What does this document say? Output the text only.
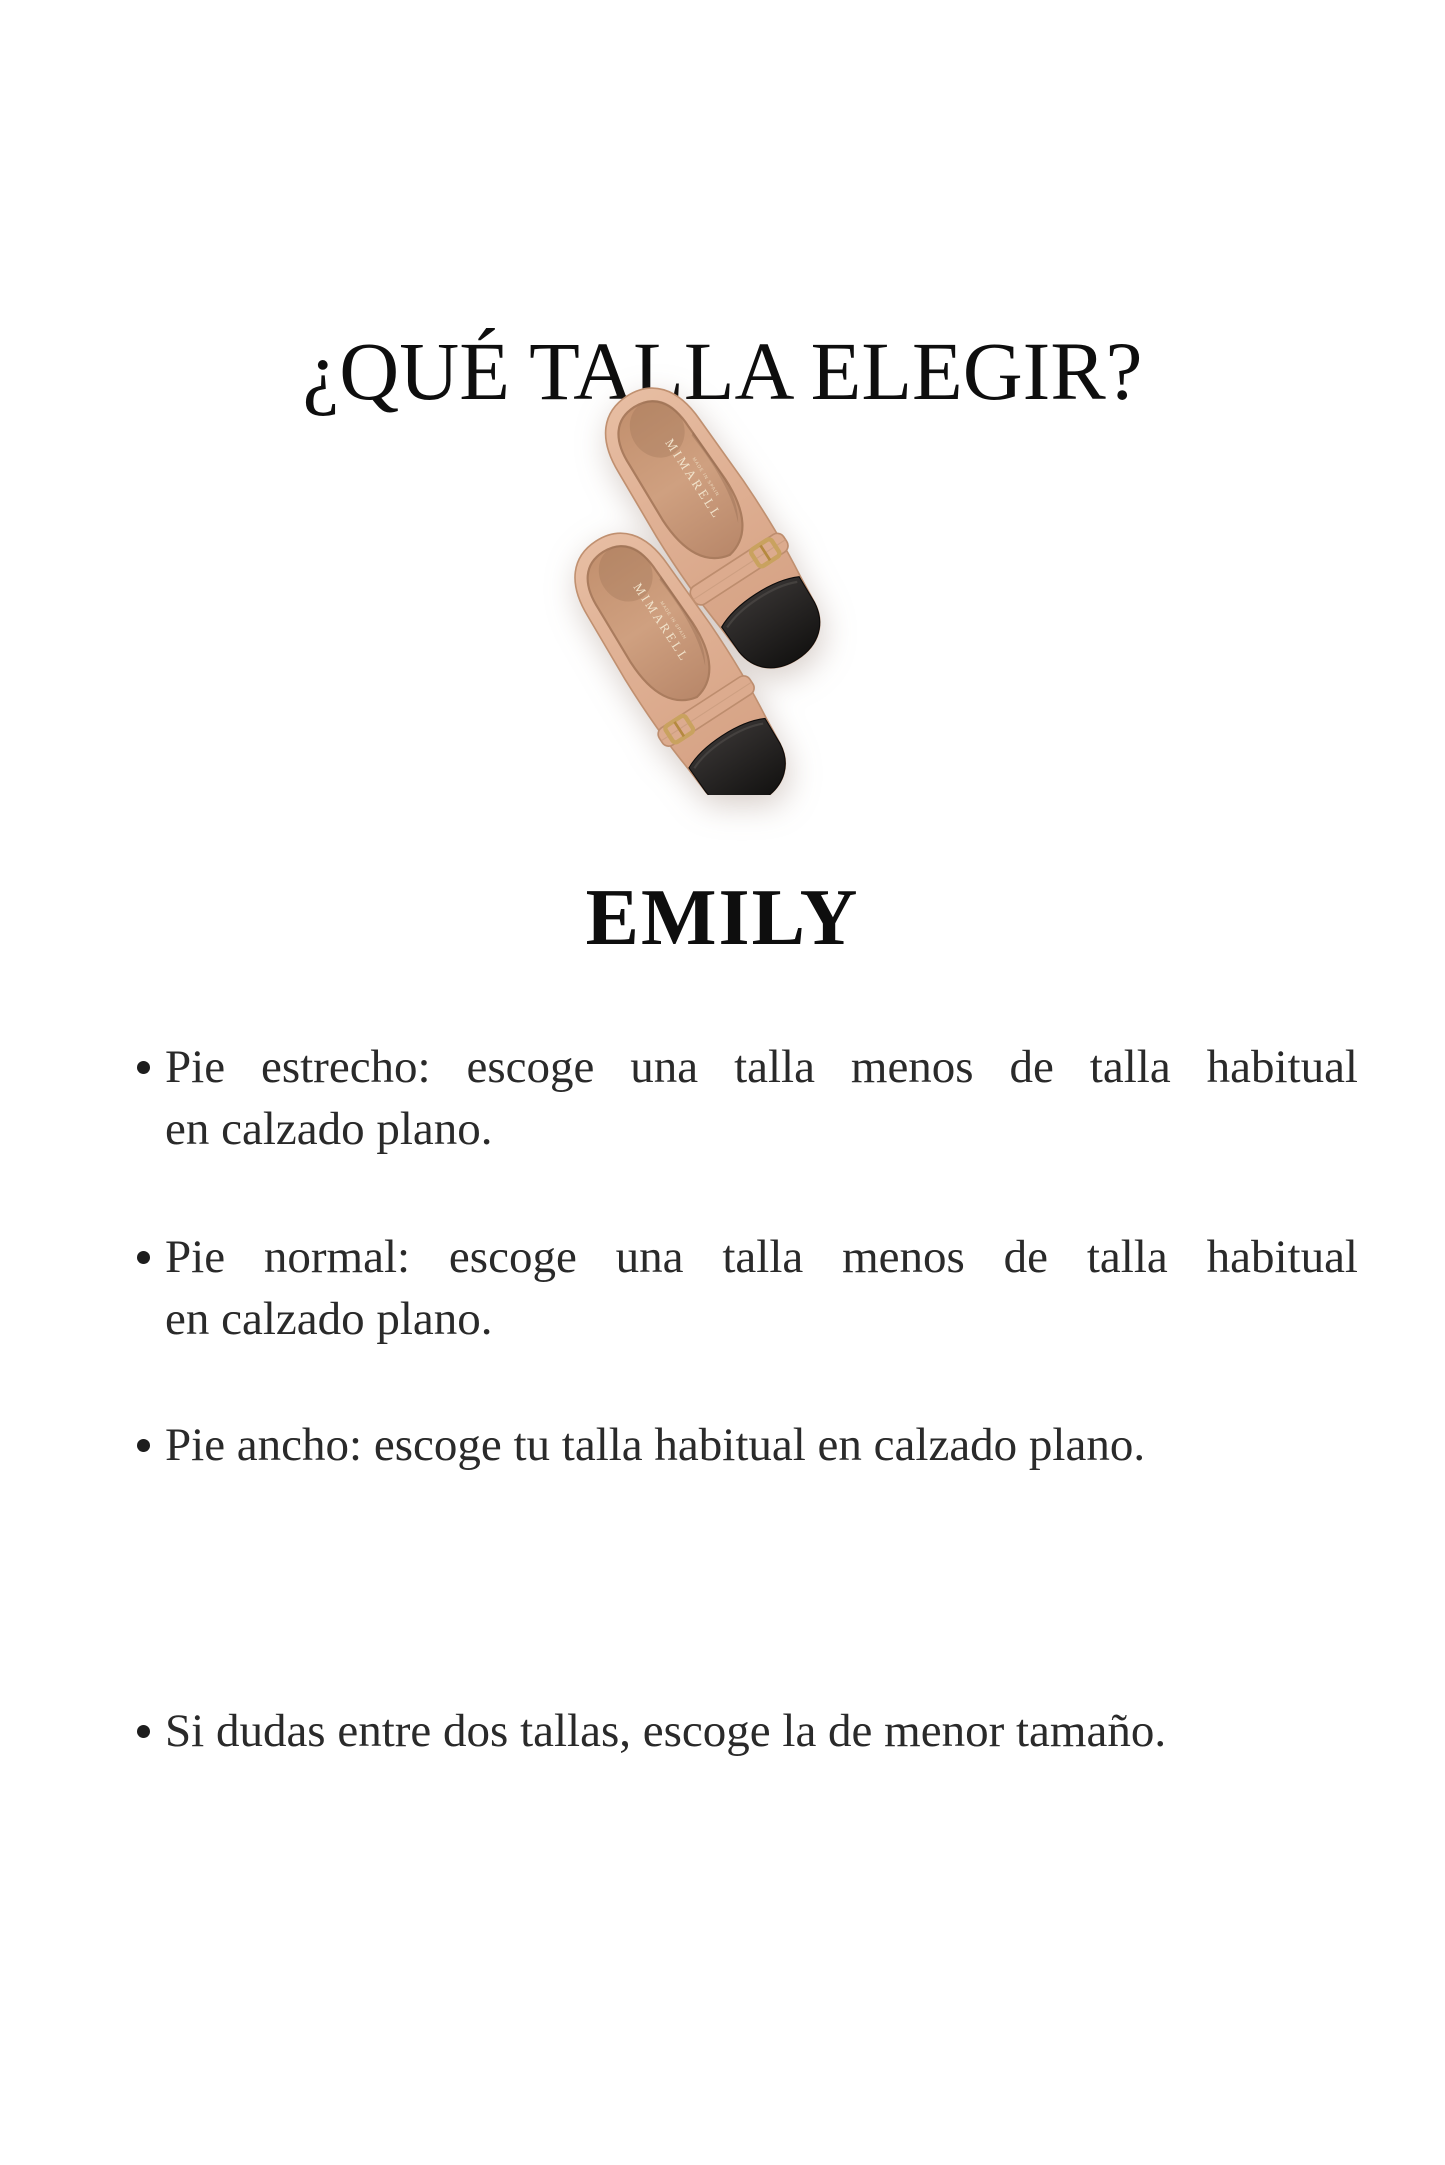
¿QUÉ TALLA ELEGIR?
MIMARELL MADE IN SPAIN
EMILY
Pie estrecho: escoge una talla menos de talla habitual
en calzado plano.
Pie normal: escoge una talla menos de talla habitual
en calzado plano.
Pie ancho: escoge tu talla habitual en calzado plano.
Si dudas entre dos tallas, escoge la de menor tamaño.
